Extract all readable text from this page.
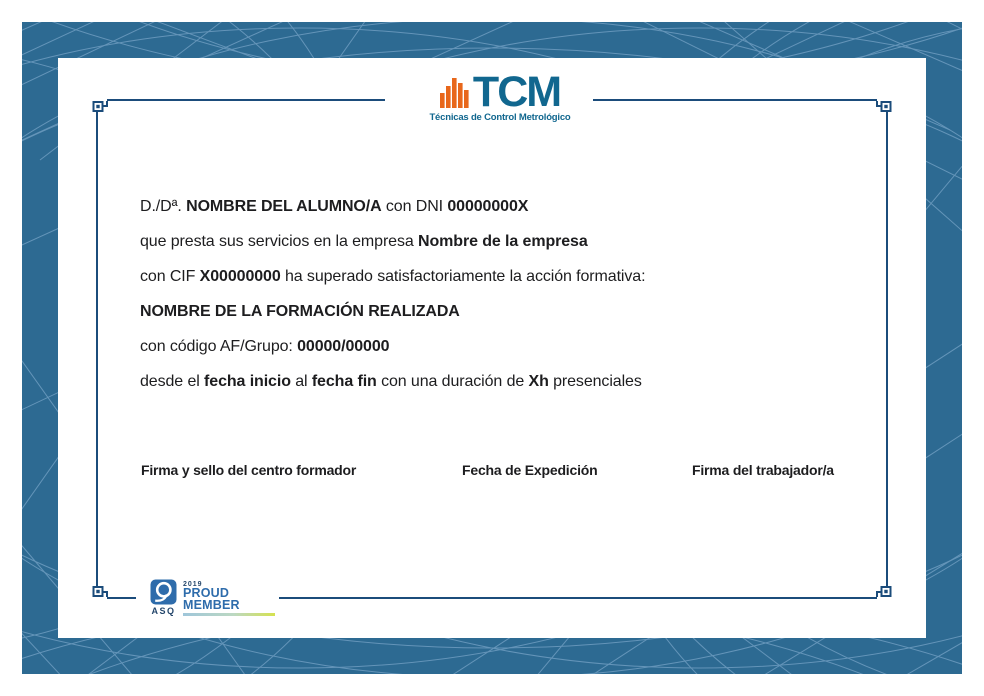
TCM
Técnicas de Control Metrológico

D./Dª. NOMBRE DEL ALUMNO/A con DNI 00000000X

que presta sus servicios en la empresa Nombre de la empresa

con CIF X00000000 ha superado satisfactoriamente la acción formativa:

NOMBRE DE LA FORMACIÓN REALIZADA

con código AF/Grupo: 00000/00000

desde el fecha inicio al fecha fin con una duración de Xh presenciales

Firma y sello del centro formador	Fecha de Expedición	Firma del trabajador/a
ASQ
2019
PROUD
MEMBER
